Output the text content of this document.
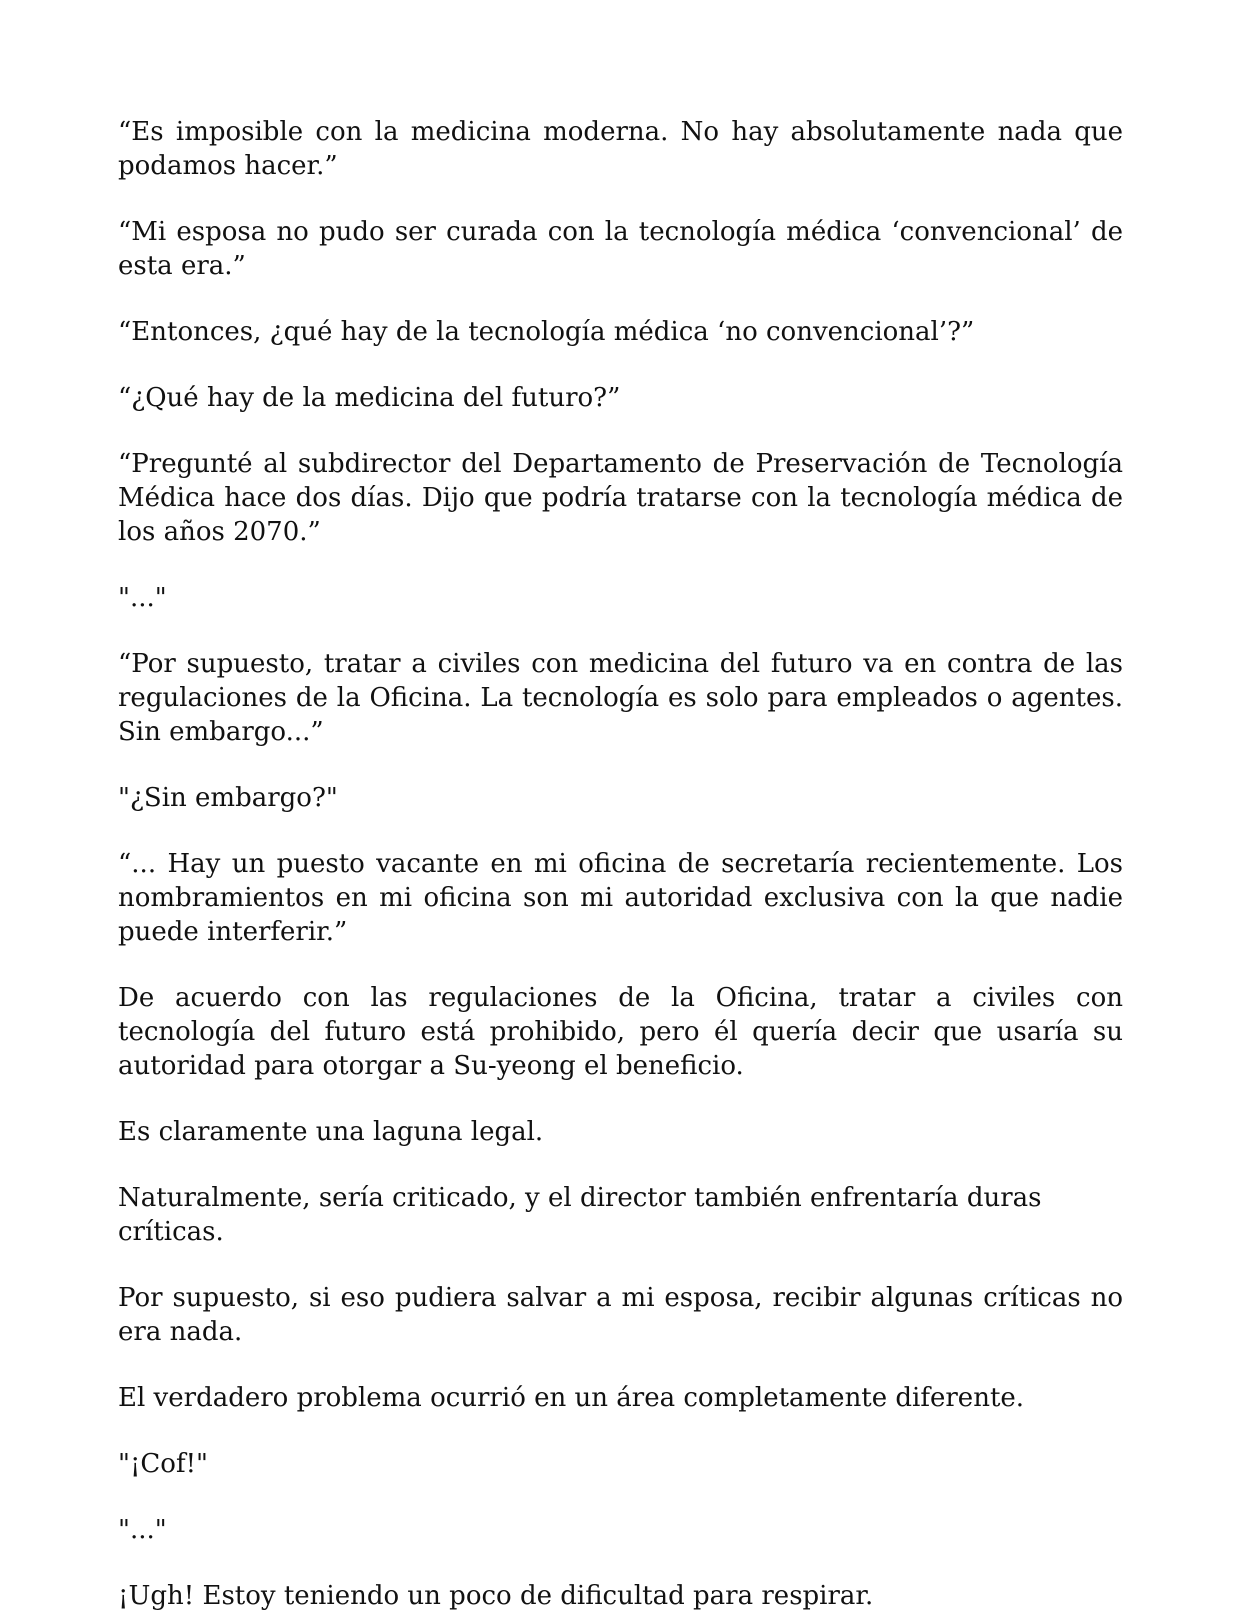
“Es imposible con la medicina moderna. No hay absolutamente nada que podamos hacer.”

“Mi esposa no pudo ser curada con la tecnología médica ‘convencional’ de esta era.”

“Entonces, ¿qué hay de la tecnología médica ‘no convencional’?”

“¿Qué hay de la medicina del futuro?”

“Pregunté al subdirector del Departamento de Preservación de Tecnología Médica hace dos días. Dijo que podría tratarse con la tecnología médica de los años 2070.”

"..."

“Por supuesto, tratar a civiles con medicina del futuro va en contra de las regulaciones de la Oficina. La tecnología es solo para empleados o agentes. Sin embargo...”

"¿Sin embargo?"

“... Hay un puesto vacante en mi oficina de secretaría recientemente. Los nombramientos en mi oficina son mi autoridad exclusiva con la que nadie puede interferir.”

De acuerdo con las regulaciones de la Oficina, tratar a civiles con tecnología del futuro está prohibido, pero él quería decir que usaría su autoridad para otorgar a Su-yeong el beneficio.

Es claramente una laguna legal.

Naturalmente, sería criticado, y el director también enfrentaría duras críticas.

Por supuesto, si eso pudiera salvar a mi esposa, recibir algunas críticas no era nada.

El verdadero problema ocurrió en un área completamente diferente.

"¡Cof!"

"..."

¡Ugh! Estoy teniendo un poco de dificultad para respirar.
